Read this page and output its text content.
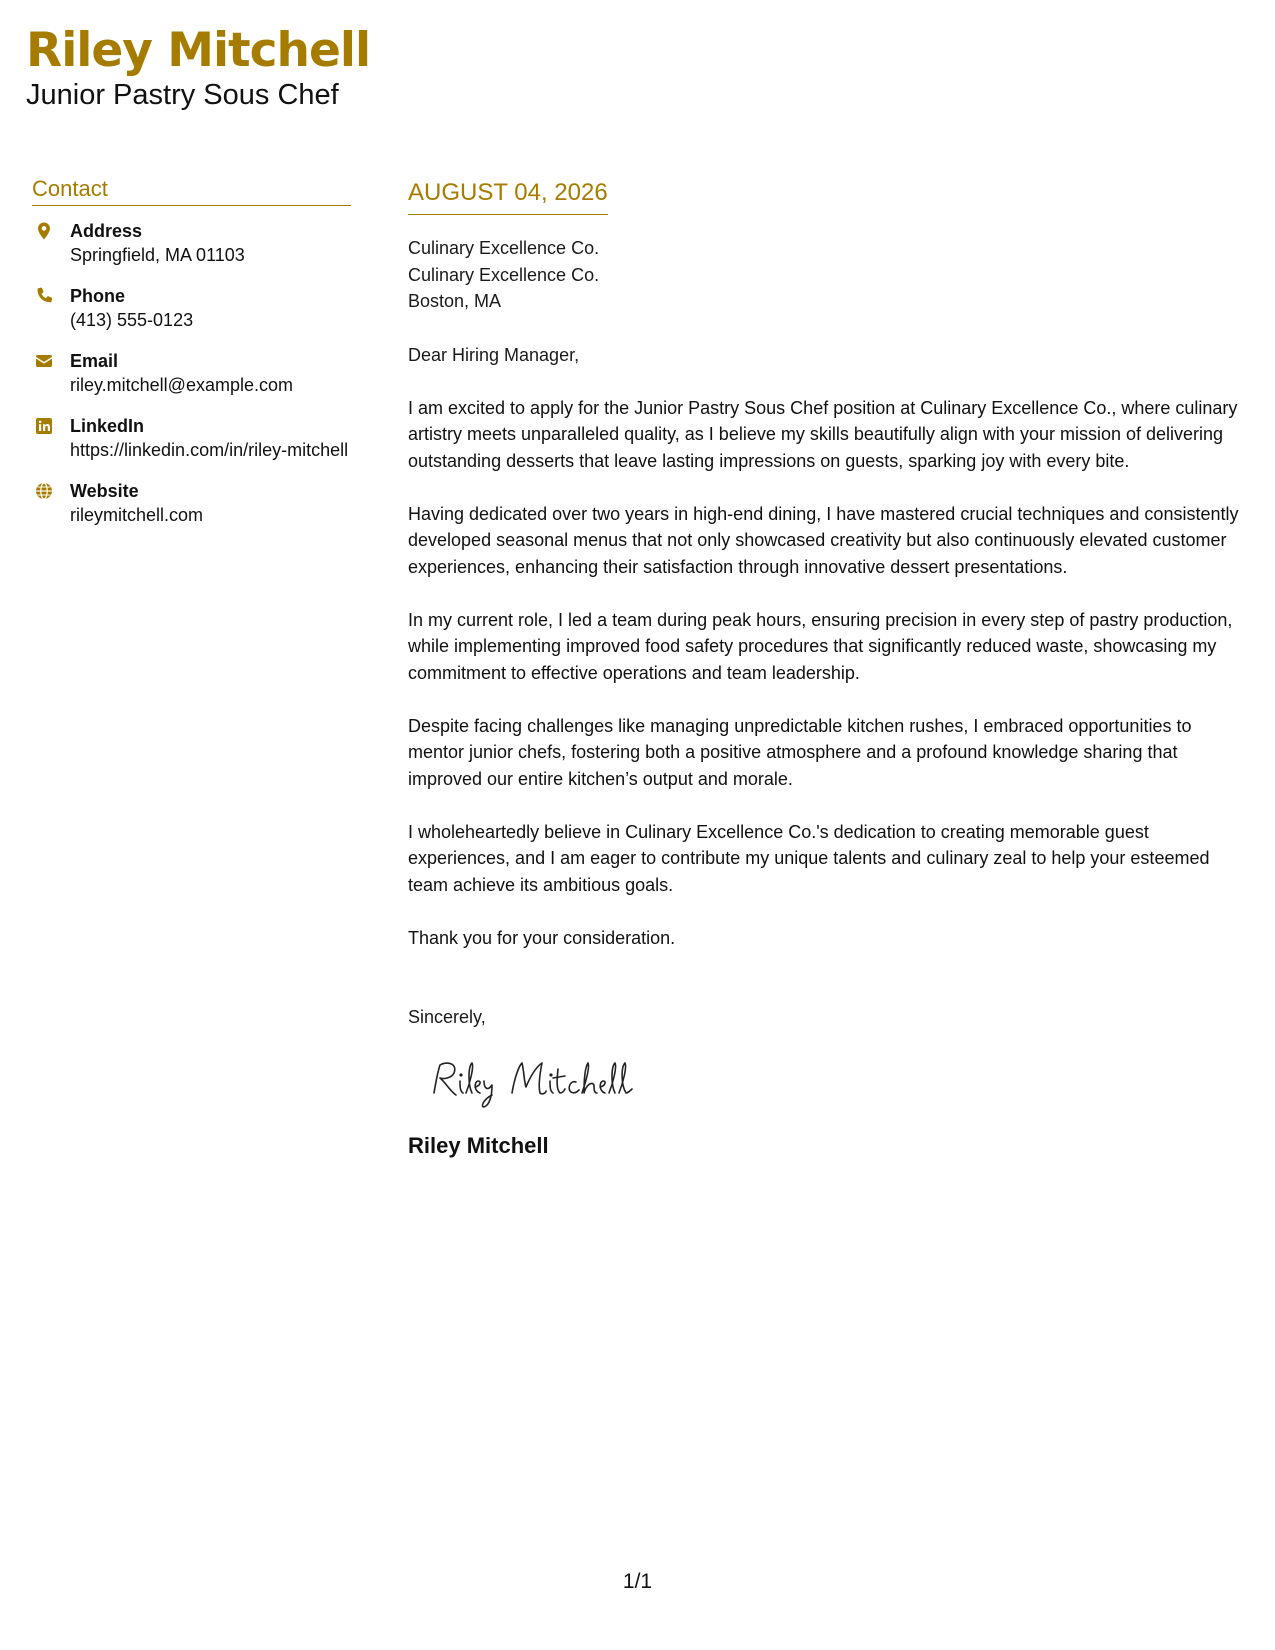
Riley Mitchell
Junior Pastry Sous Chef
Contact
Address
Springfield, MA 01103
Phone
(413) 555-0123
Email
riley.mitchell@example.com
LinkedIn
https://linkedin.com/in/riley-mitchell
Website
rileymitchell.com
AUGUST 04, 2026
Culinary Excellence Co.
Culinary Excellence Co.
Boston, MA
Dear Hiring Manager,
I am excited to apply for the Junior Pastry Sous Chef position at Culinary Excellence Co., where culinary artistry meets unparalleled quality, as I believe my skills beautifully align with your mission of delivering outstanding desserts that leave lasting impressions on guests, sparking joy with every bite.
Having dedicated over two years in high-end dining, I have mastered crucial techniques and consistently developed seasonal menus that not only showcased creativity but also continuously elevated customer experiences, enhancing their satisfaction through innovative dessert presentations.
In my current role, I led a team during peak hours, ensuring precision in every step of pastry production, while implementing improved food safety procedures that significantly reduced waste, showcasing my commitment to effective operations and team leadership.
Despite facing challenges like managing unpredictable kitchen rushes, I embraced opportunities to mentor junior chefs, fostering both a positive atmosphere and a profound knowledge sharing that improved our entire kitchen’s output and morale.
I wholeheartedly believe in Culinary Excellence Co.'s dedication to creating memorable guest experiences, and I am eager to contribute my unique talents and culinary zeal to help your esteemed team achieve its ambitious goals.
Thank you for your consideration.
Sincerely,
Riley Mitchell
1/1
